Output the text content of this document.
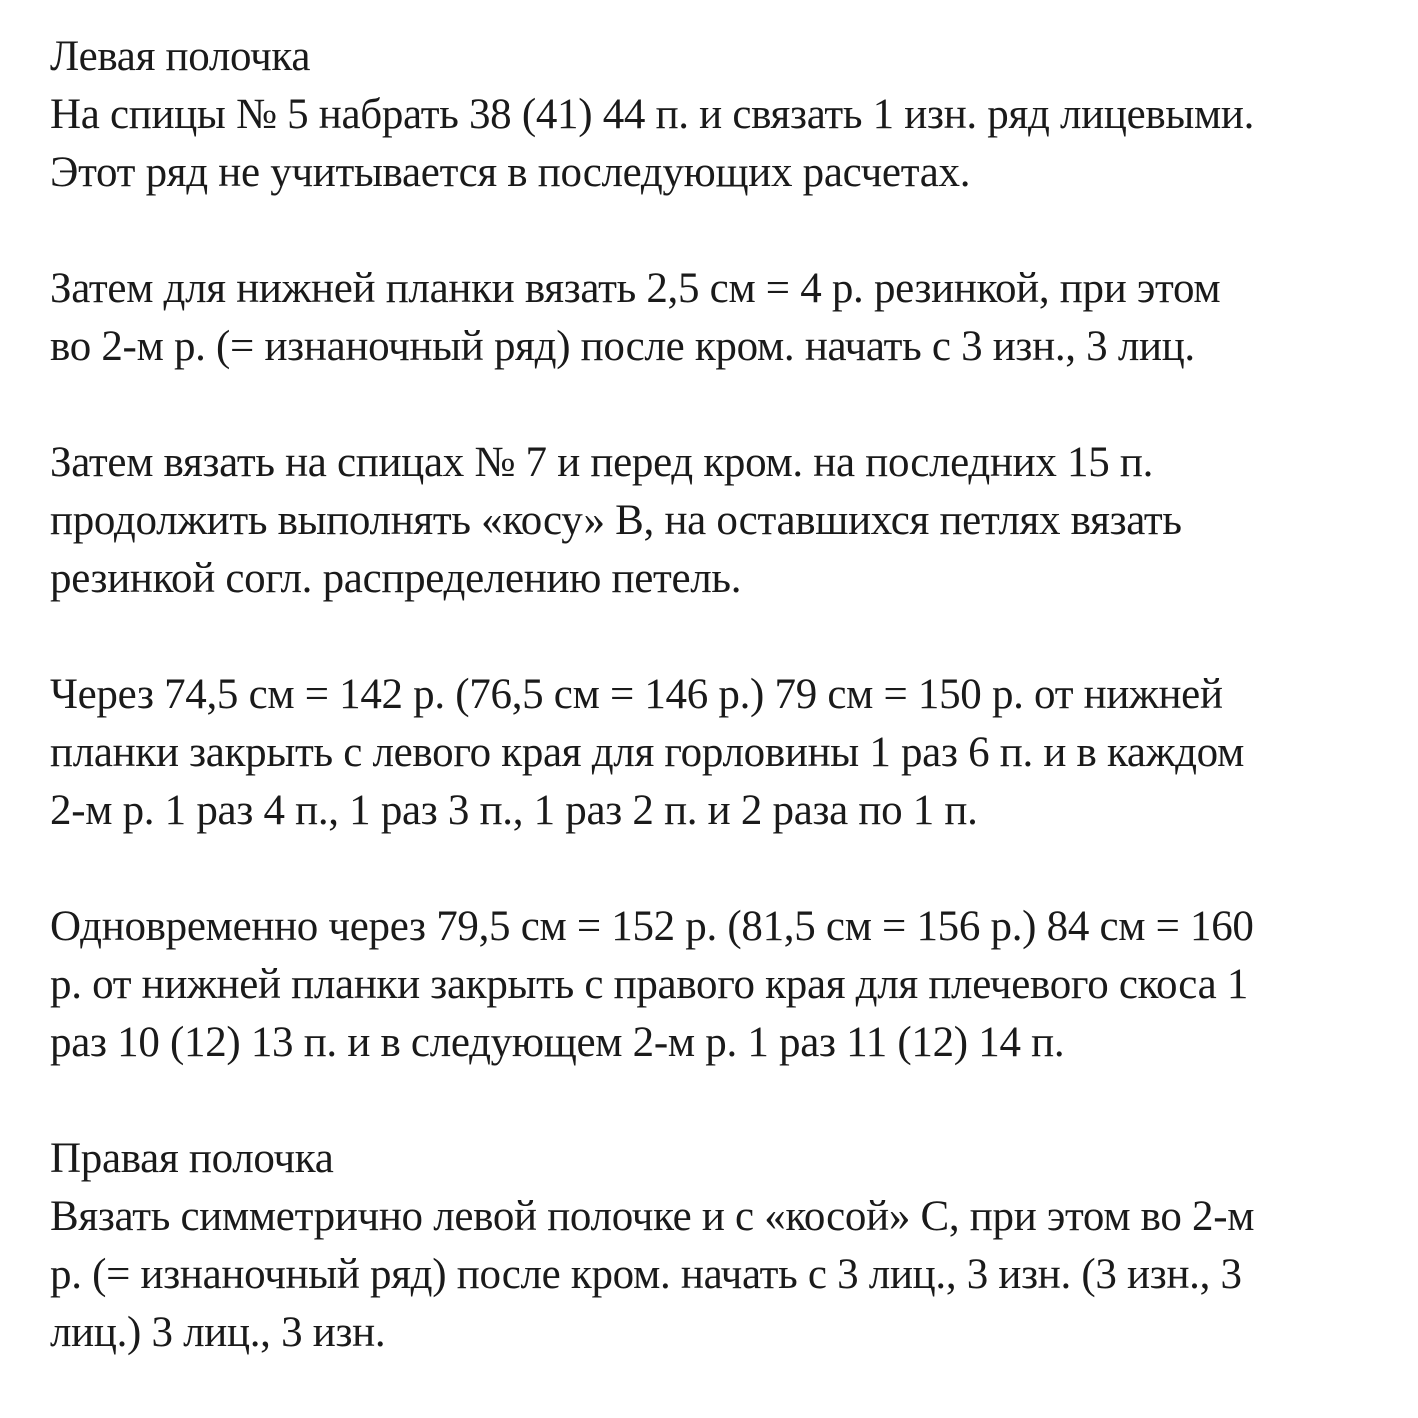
Левая полочка
На спицы № 5 набрать 38 (41) 44 п. и связать 1 изн. ряд лицевыми.
Этот ряд не учитывается в последующих расчетах.
Затем для нижней планки вязать 2,5 см = 4 р. резинкой, при этом
во 2-м р. (= изнаночный ряд) после кром. начать с 3 изн., 3 лиц.
Затем вязать на спицах № 7 и перед кром. на последних 15 п.
продолжить выполнять «косу» В, на оставшихся петлях вязать
резинкой согл. распределению петель.
Через 74,5 см = 142 р. (76,5 см = 146 р.) 79 см = 150 р. от нижней
планки закрыть с левого края для горловины 1 раз 6 п. и в каждом
2-м р. 1 раз 4 п., 1 раз 3 п., 1 раз 2 п. и 2 раза по 1 п.
Одновременно через 79,5 см = 152 р. (81,5 см = 156 р.) 84 см = 160
р. от нижней планки закрыть с правого края для плечевого скоса 1
раз 10 (12) 13 п. и в следующем 2-м р. 1 раз 11 (12) 14 п.
Правая полочка
Вязать симметрично левой полочке и с «косой» С, при этом во 2-м
р. (= изнаночный ряд) после кром. начать с 3 лиц., 3 изн. (3 изн., 3
лиц.) 3 лиц., 3 изн.
